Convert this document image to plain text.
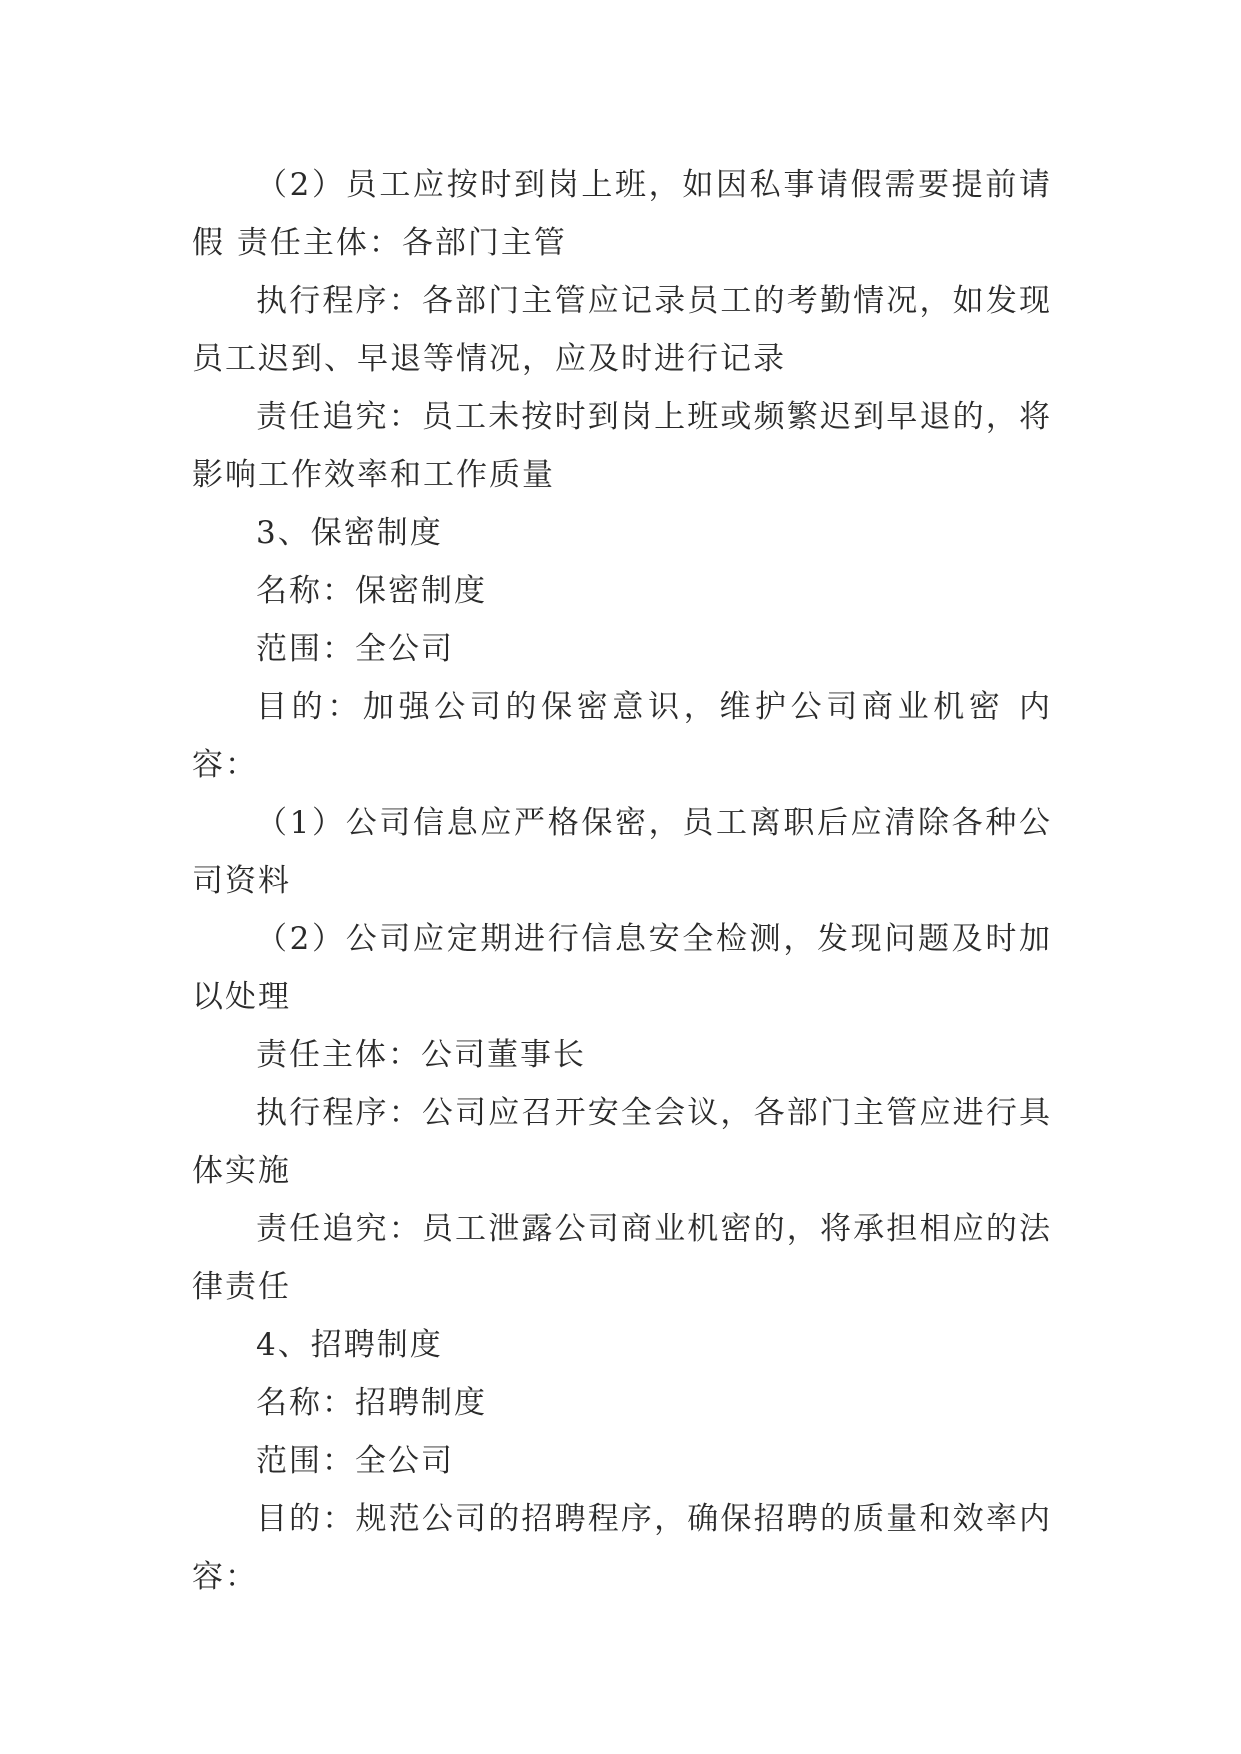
（2）员工应按时到岗上班，如因私事请假需要提前请假 责任主体：各部门主管

执行程序：各部门主管应记录员工的考勤情况，如发现员工迟到、早退等情况，应及时进行记录

责任追究：员工未按时到岗上班或频繁迟到早退的，将影响工作效率和工作质量

3、保密制度

名称：保密制度

范围：全公司

目的：加强公司的保密意识，维护公司商业机密 内容：

（1）公司信息应严格保密，员工离职后应清除各种公司资料

（2）公司应定期进行信息安全检测，发现问题及时加以处理

责任主体：公司董事长

执行程序：公司应召开安全会议，各部门主管应进行具体实施

责任追究：员工泄露公司商业机密的，将承担相应的法律责任

4、招聘制度

名称：招聘制度

范围：全公司

目的：规范公司的招聘程序，确保招聘的质量和效率内容：
